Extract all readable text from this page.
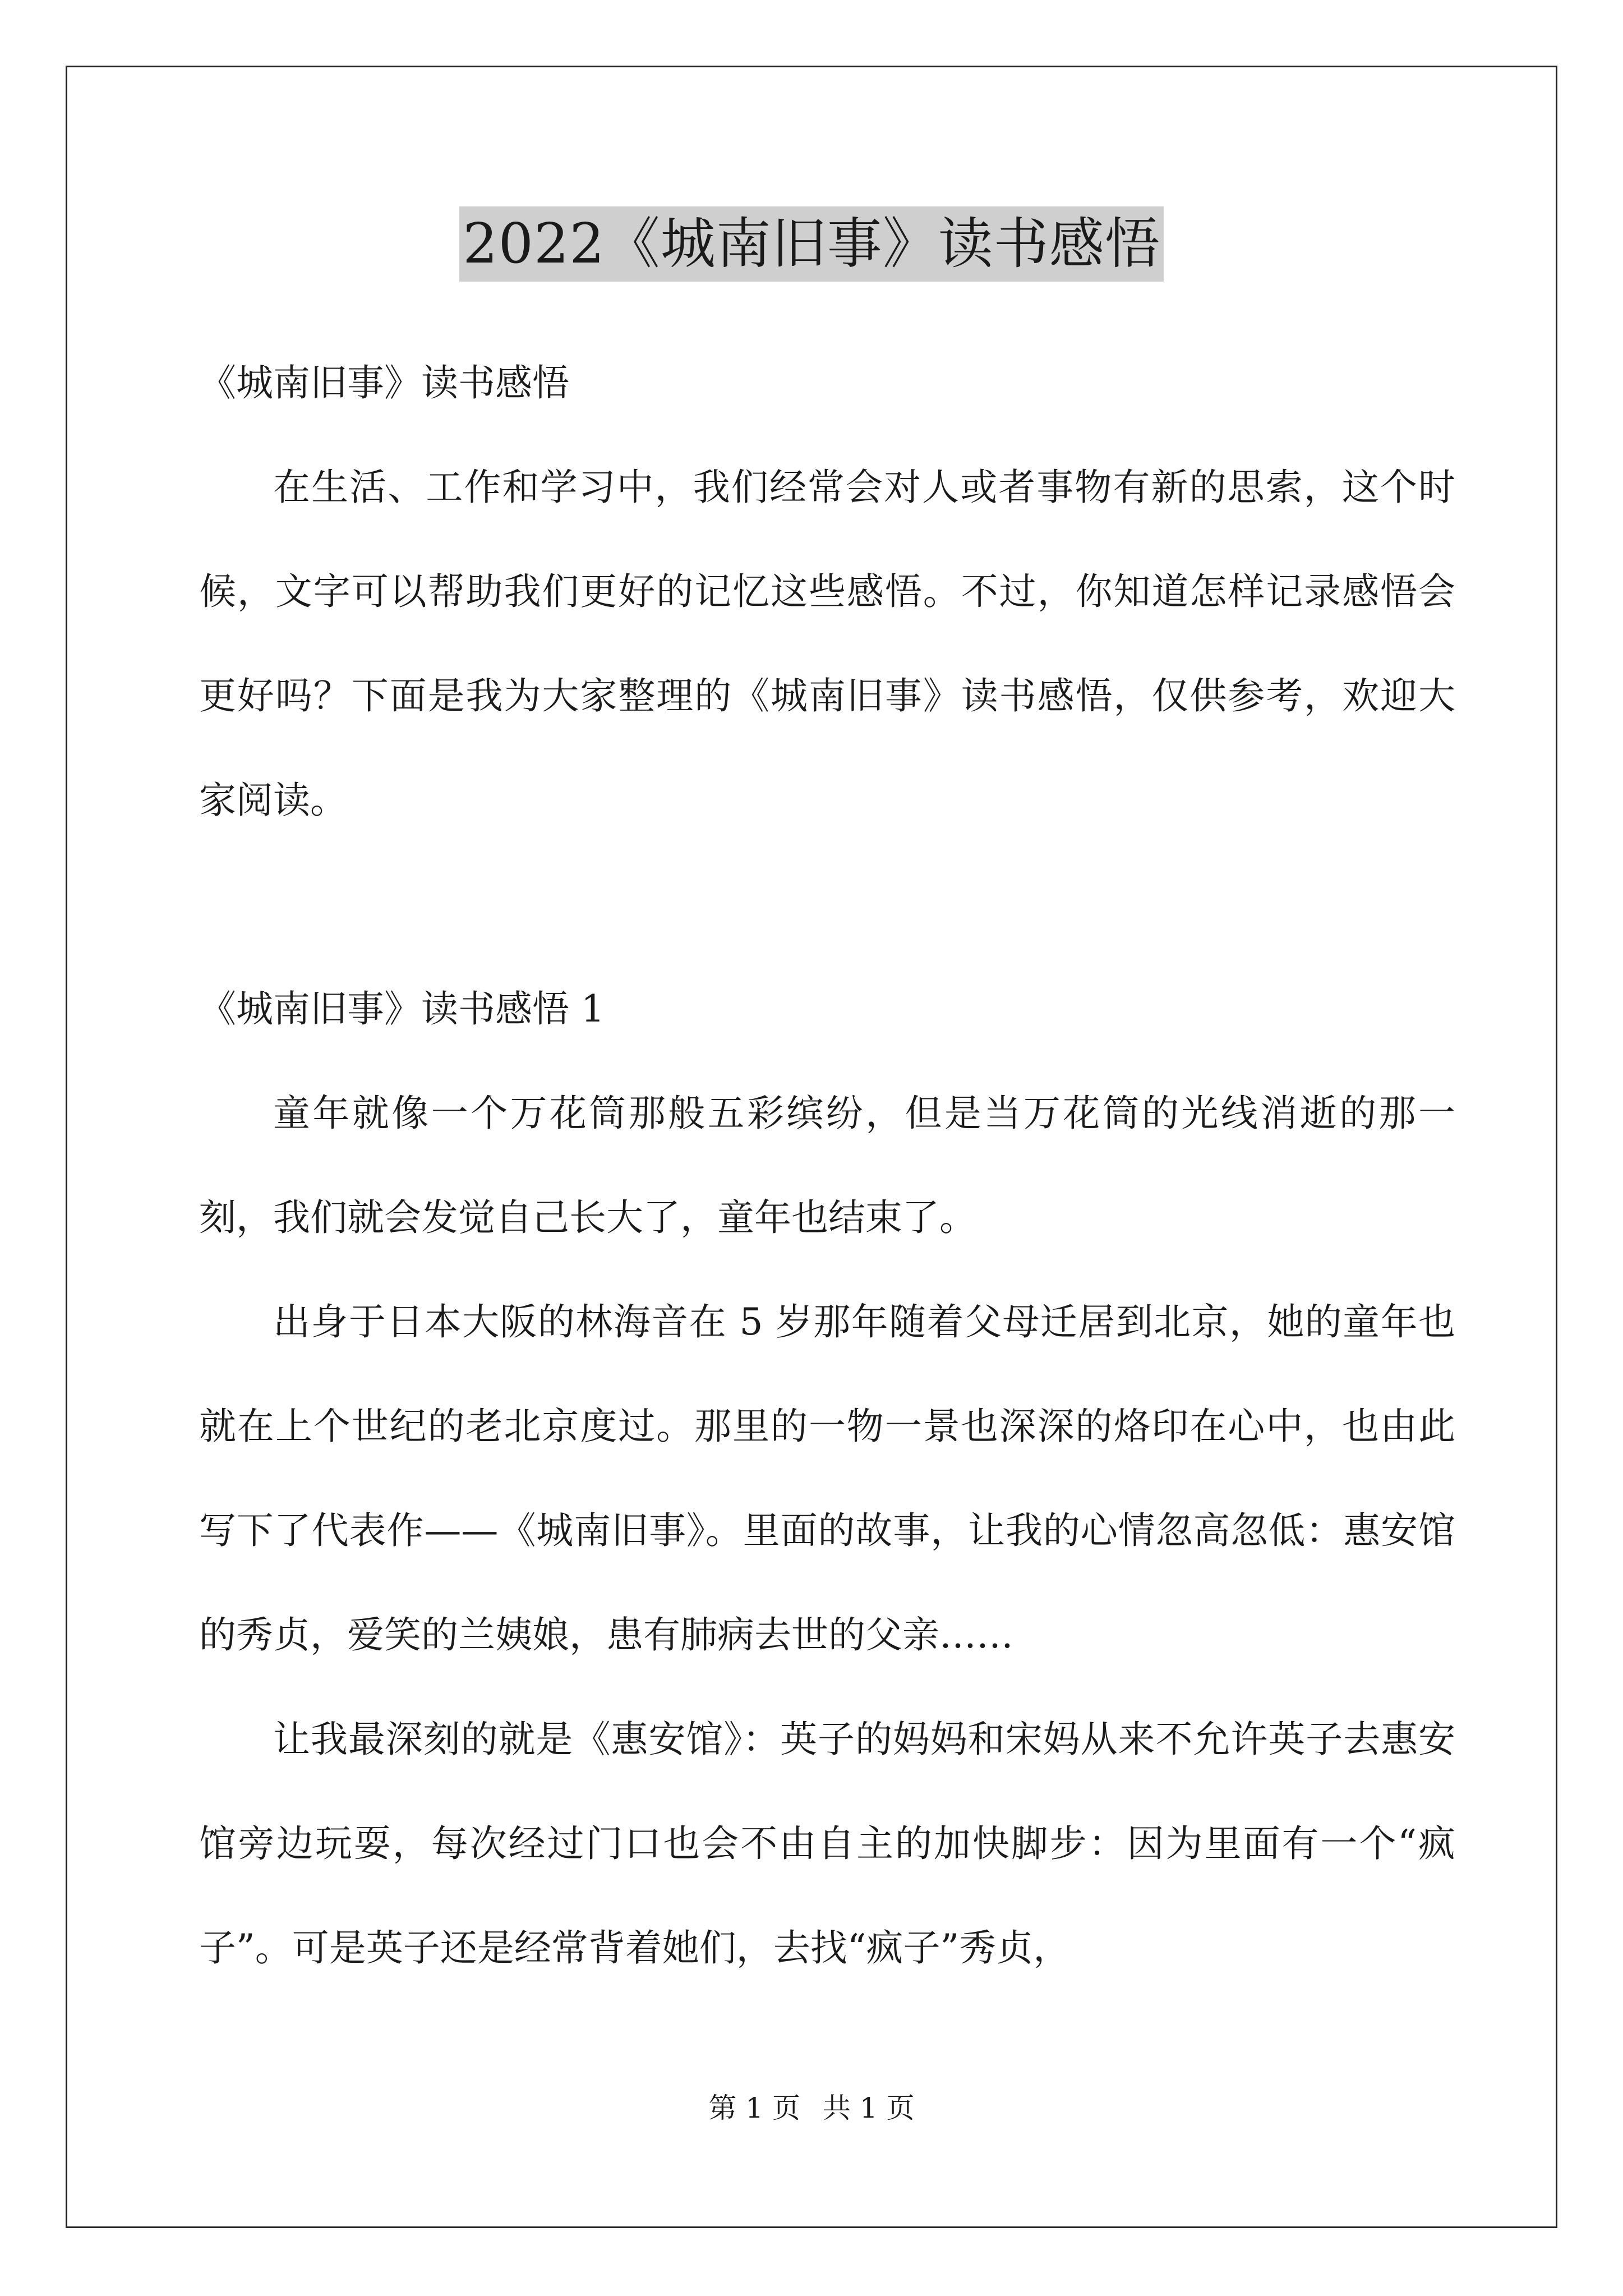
2022《城南旧事》读书感悟

《城南旧事》读书感悟

在生活、工作和学习中，我们经常会对人或者事物有新的思索，这个时候，文字可以帮助我们更好的记忆这些感悟。不过，你知道怎样记录感悟会更好吗？下面是我为大家整理的《城南旧事》读书感悟，仅供参考，欢迎大家阅读。

《城南旧事》读书感悟 1

童年就像一个万花筒那般五彩缤纷，但是当万花筒的光线消逝的那一刻，我们就会发觉自己长大了，童年也结束了。

出身于日本大阪的林海音在 5 岁那年随着父母迁居到北京，她的童年也就在上个世纪的老北京度过。那里的一物一景也深深的烙印在心中，也由此写下了代表作——《城南旧事》。里面的故事，让我的心情忽高忽低：惠安馆的秀贞，爱笑的兰姨娘，患有肺病去世的父亲……

让我最深刻的就是《惠安馆》：英子的妈妈和宋妈从来不允许英子去惠安馆旁边玩耍，每次经过门口也会不由自主的加快脚步：因为里面有一个“疯子”。可是英子还是经常背着她们，去找“疯子”秀贞，

第 1 页 共 1 页
